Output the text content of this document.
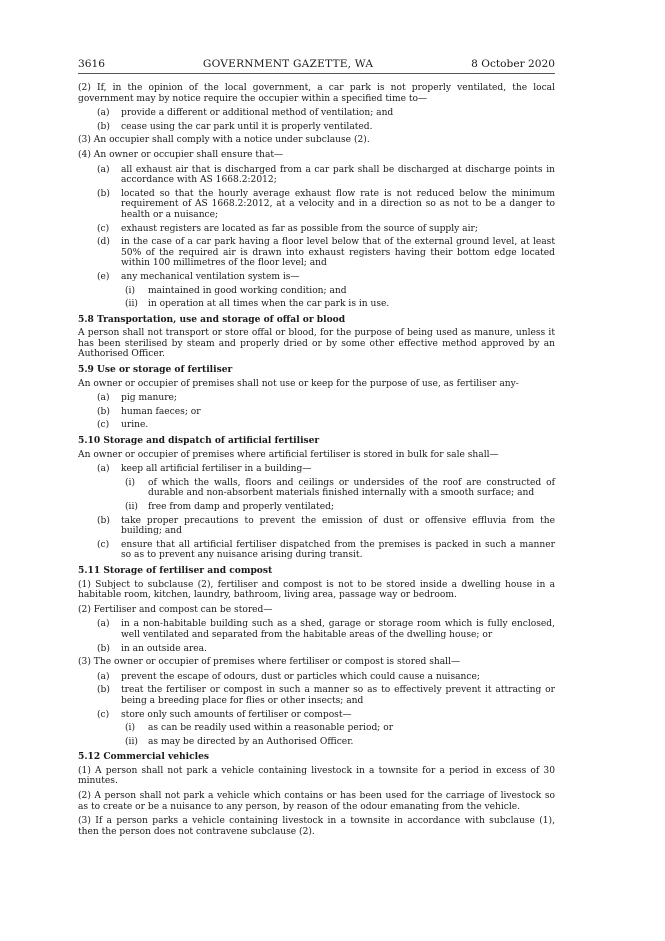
3616	GOVERNMENT GAZETTE, WA	8 October 2020

(2) If, in the opinion of the local government, a car park is not properly ventilated, the local government may by notice require the occupier within a specified time to—

(a)	provide a different or additional method of ventilation; and
(b)	cease using the car park until it is properly ventilated.

(3) An occupier shall comply with a notice under subclause (2).

(4) An owner or occupier shall ensure that—

(a)	all exhaust air that is discharged from a car park shall be discharged at discharge points in accordance with AS 1668.2:2012;
(b)	located so that the hourly average exhaust flow rate is not reduced below the minimum requirement of AS 1668.2:2012, at a velocity and in a direction so as not to be a danger to health or a nuisance;
(c)	exhaust registers are located as far as possible from the source of supply air;
(d)	in the case of a car park having a floor level below that of the external ground level, at least 50% of the required air is drawn into exhaust registers having their bottom edge located within 100 millimetres of the floor level; and
(e)	any mechanical ventilation system is—
(i)	maintained in good working condition; and
(ii)	in operation at all times when the car park is in use.

5.8 Transportation, use and storage of offal or blood

A person shall not transport or store offal or blood, for the purpose of being used as manure, unless it has been sterilised by steam and properly dried or by some other effective method approved by an Authorised Officer.

5.9 Use or storage of fertiliser

An owner or occupier of premises shall not use or keep for the purpose of use, as fertiliser any-

(a)	pig manure;
(b)	human faeces; or
(c)	urine.

5.10 Storage and dispatch of artificial fertiliser

An owner or occupier of premises where artificial fertiliser is stored in bulk for sale shall—

(a)	keep all artificial fertiliser in a building—
(i)	of which the walls, floors and ceilings or undersides of the roof are constructed of durable and non-absorbent materials finished internally with a smooth surface; and
(ii)	free from damp and properly ventilated;
(b)	take proper precautions to prevent the emission of dust or offensive effluvia from the building; and
(c)	ensure that all artificial fertiliser dispatched from the premises is packed in such a manner so as to prevent any nuisance arising during transit.

5.11 Storage of fertiliser and compost

(1) Subject to subclause (2), fertiliser and compost is not to be stored inside a dwelling house in a habitable room, kitchen, laundry, bathroom, living area, passage way or bedroom.

(2) Fertiliser and compost can be stored—

(a)	in a non-habitable building such as a shed, garage or storage room which is fully enclosed, well ventilated and separated from the habitable areas of the dwelling house; or
(b)	in an outside area.

(3) The owner or occupier of premises where fertiliser or compost is stored shall—

(a)	prevent the escape of odours, dust or particles which could cause a nuisance;
(b)	treat the fertiliser or compost in such a manner so as to effectively prevent it attracting or being a breeding place for flies or other insects; and
(c)	store only such amounts of fertiliser or compost—
(i)	as can be readily used within a reasonable period; or
(ii)	as may be directed by an Authorised Officer.

5.12 Commercial vehicles

(1) A person shall not park a vehicle containing livestock in a townsite for a period in excess of 30 minutes.

(2) A person shall not park a vehicle which contains or has been used for the carriage of livestock so as to create or be a nuisance to any person, by reason of the odour emanating from the vehicle.

(3) If a person parks a vehicle containing livestock in a townsite in accordance with subclause (1), then the person does not contravene subclause (2).
